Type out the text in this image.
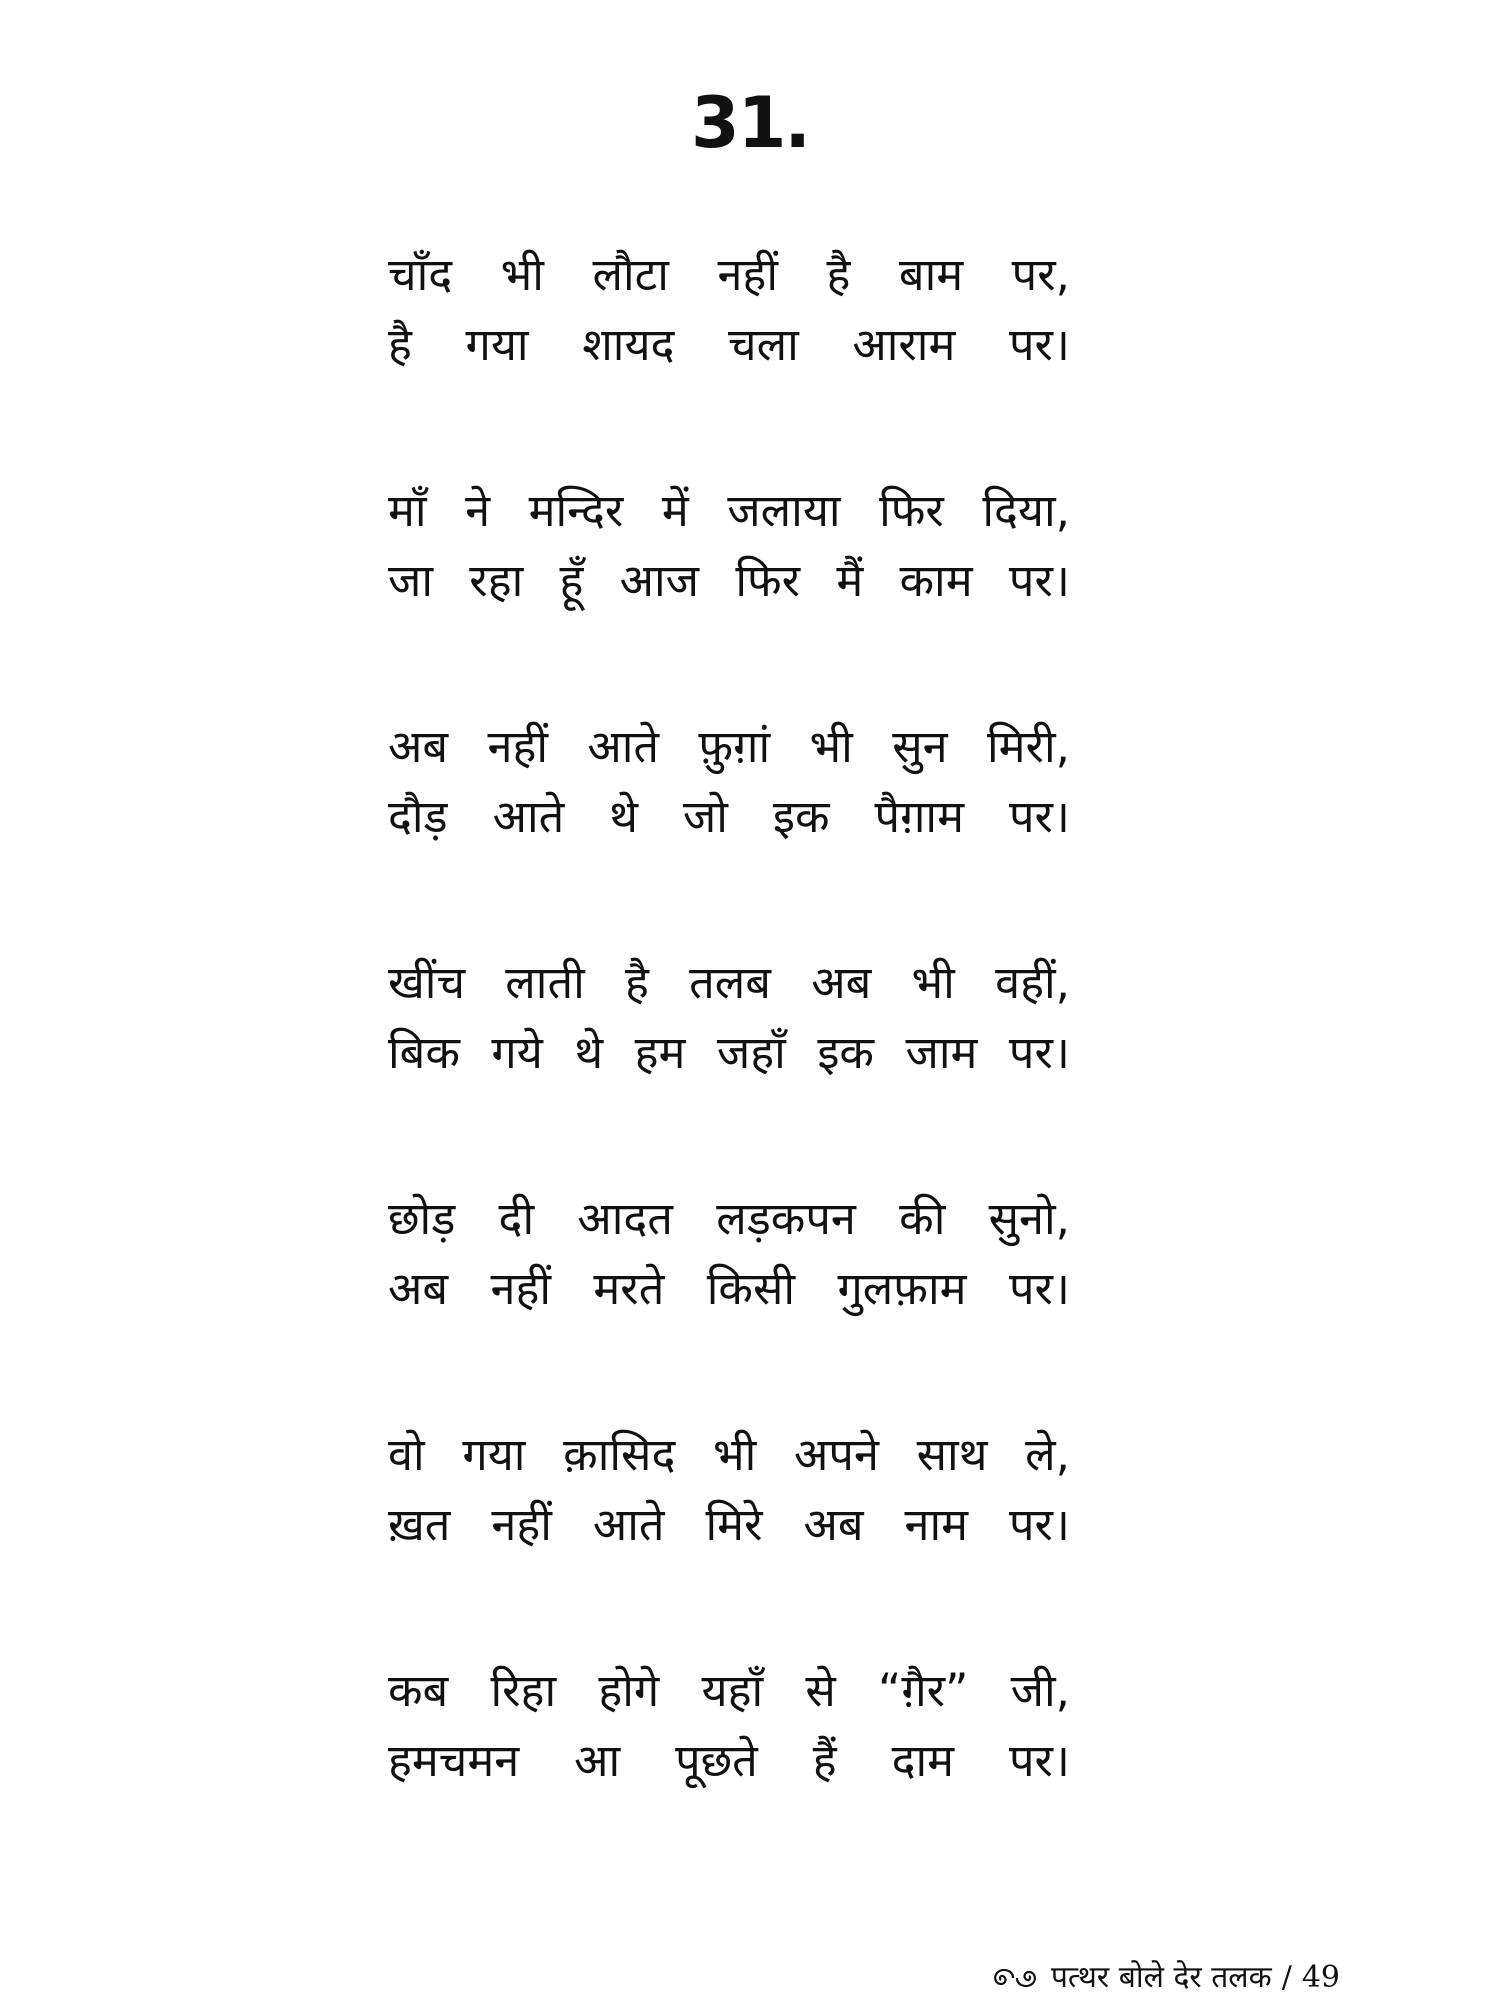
31.
चाँद भी लौटा नहीं है बाम पर,
है गया शायद चला आराम पर।
माँ ने मन्दिर में जलाया फिर दिया,
जा रहा हूँ आज फिर मैं काम पर।
अब नहीं आते फ़ुग़ां भी सुन मिरी,
दौड़ आते थे जो इक पैग़ाम पर।
खींच लाती है तलब अब भी वहीं,
बिक गये थे हम जहाँ इक जाम पर।
छोड़ दी आदत लड़कपन की सुनो,
अब नहीं मरते किसी गुलफ़ाम पर।
वो गया क़ासिद भी अपने साथ ले,
ख़त नहीं आते मिरे अब नाम पर।
कब रिहा होगे यहाँ से “ग़ैर” जी,
हमचमन आ पूछते हैं दाम पर।
पत्थर बोले देर तलक / 49
